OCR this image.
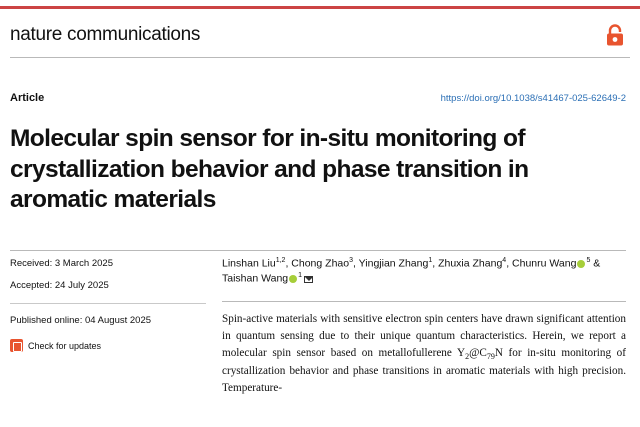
nature communications
Article	https://doi.org/10.1038/s41467-025-62649-2
Molecular spin sensor for in-situ monitoring of crystallization behavior and phase transition in aromatic materials
Received: 3 March 2025
Accepted: 24 July 2025
Published online: 04 August 2025
Check for updates

Linshan Liu$^{1,2}$, Chong Zhao$^3$, Yingjian Zhang$^1$, Zhuxia Zhang$^4$, Chunru Wang $^5$ &
Taishan Wang $^1$

Spin-active materials with sensitive electron spin centers have drawn significant attention in quantum sensing due to their unique quantum characteristics. Herein, we report a molecular spin sensor based on metallofullerene $Y_2@C_{79}N$ for in-situ monitoring of crystallization behavior and phase transitions in aromatic materials with high precision. Temperature-
